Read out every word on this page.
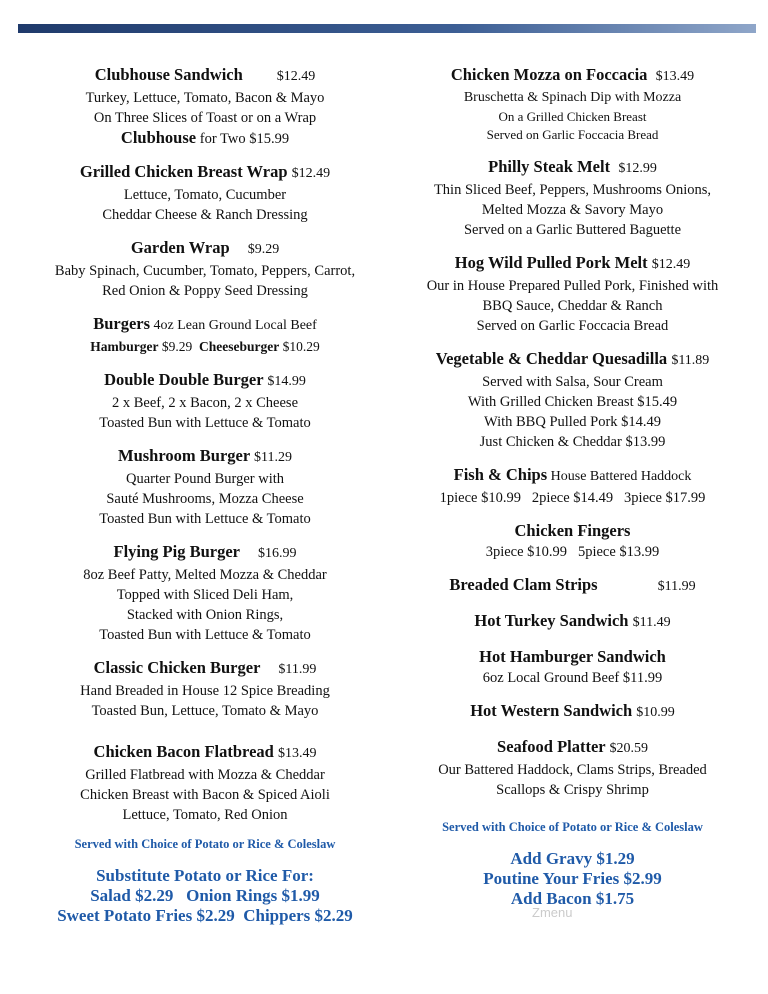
Clubhouse Sandwich $12.49
Turkey, Lettuce, Tomato, Bacon & Mayo
On Three Slices of Toast or on a Wrap
Clubhouse for Two $15.99
Grilled Chicken Breast Wrap $12.49
Lettuce, Tomato, Cucumber
Cheddar Cheese & Ranch Dressing
Garden Wrap $9.29
Baby Spinach, Cucumber, Tomato, Peppers, Carrot,
Red Onion & Poppy Seed Dressing
Burgers 4oz Lean Ground Local Beef
Hamburger $9.29 Cheeseburger $10.29
Double Double Burger $14.99
2 x Beef, 2 x Bacon, 2 x Cheese
Toasted Bun with Lettuce & Tomato
Mushroom Burger $11.29
Quarter Pound Burger with
Sauté Mushrooms, Mozza Cheese
Toasted Bun with Lettuce & Tomato
Flying Pig Burger $16.99
8oz Beef Patty, Melted Mozza & Cheddar
Topped with Sliced Deli Ham,
Stacked with Onion Rings,
Toasted Bun with Lettuce & Tomato
Classic Chicken Burger $11.99
Hand Breaded in House 12 Spice Breading
Toasted Bun, Lettuce, Tomato & Mayo
Chicken Bacon Flatbread $13.49
Grilled Flatbread with Mozza & Cheddar
Chicken Breast with Bacon & Spiced Aioli
Lettuce, Tomato, Red Onion
Served with Choice of Potato or Rice & Coleslaw
Substitute Potato or Rice For:
Salad $2.29 Onion Rings $1.99
Sweet Potato Fries $2.29 Chippers $2.29
Chicken Mozza on Foccacia $13.49
Bruschetta & Spinach Dip with Mozza
On a Grilled Chicken Breast
Served on Garlic Foccacia Bread
Philly Steak Melt $12.99
Thin Sliced Beef, Peppers, Mushrooms Onions,
Melted Mozza & Savory Mayo
Served on a Garlic Buttered Baguette
Hog Wild Pulled Pork Melt $12.49
Our in House Prepared Pulled Pork, Finished with
BBQ Sauce, Cheddar & Ranch
Served on Garlic Foccacia Bread
Vegetable & Cheddar Quesadilla $11.89
Served with Salsa, Sour Cream
With Grilled Chicken Breast $15.49
With BBQ Pulled Pork $14.49
Just Chicken & Cheddar $13.99
Fish & Chips House Battered Haddock
1piece $10.99 2piece $14.49 3piece $17.99
Chicken Fingers
3piece $10.99 5piece $13.99
Breaded Clam Strips	$11.99
Hot Turkey Sandwich $11.49
Hot Hamburger Sandwich
6oz Local Ground Beef $11.99
Hot Western Sandwich $10.99
Seafood Platter $20.59
Our Battered Haddock, Clams Strips, Breaded
Scallops & Crispy Shrimp
Served with Choice of Potato or Rice & Coleslaw
Add Gravy $1.29
Poutine Your Fries $2.99
Add Bacon $1.75
Zmenu
